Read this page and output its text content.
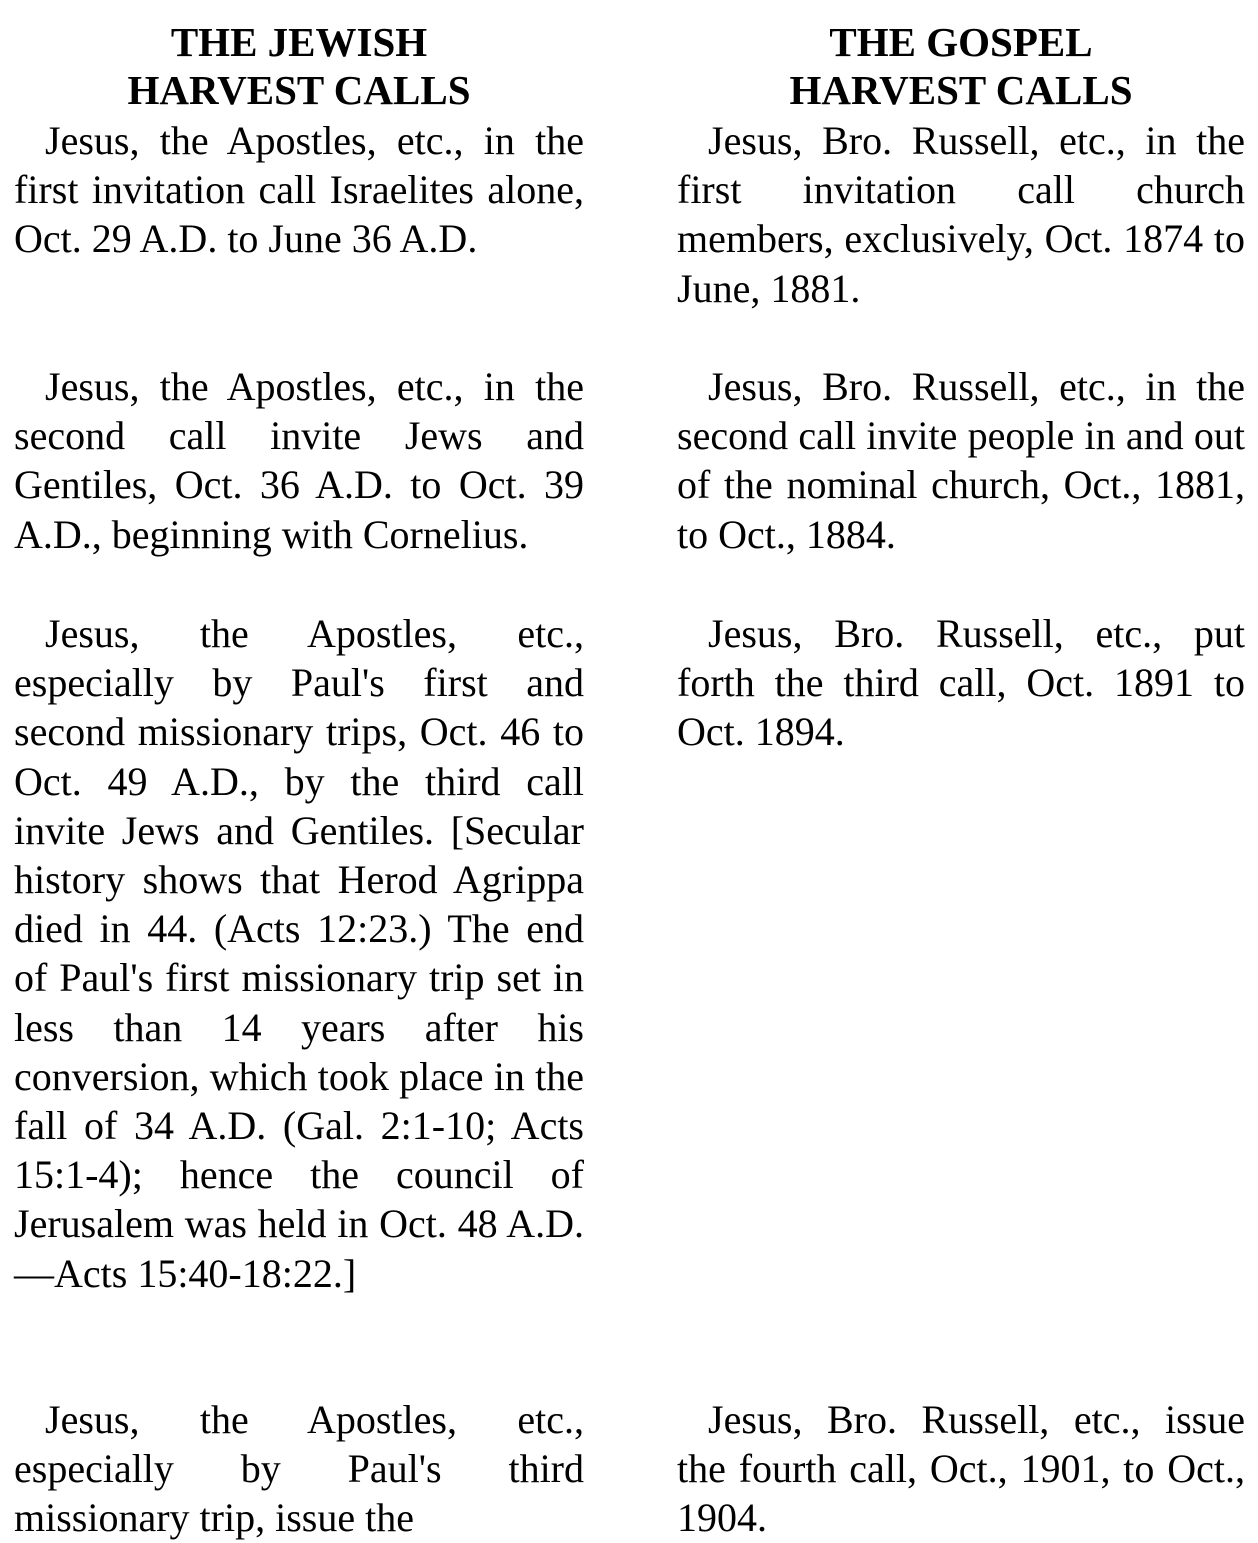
THE JEWISH
HARVEST CALLS

Jesus, the Apostles, etc., in the first invitation call Israelites alone, Oct. 29 A.D. to June 36 A.D.

Jesus, the Apostles, etc., in the second call invite Jews and Gentiles, Oct. 36 A.D. to Oct. 39 A.D., beginning with Cornelius.

Jesus, the Apostles, etc., especially by Paul's first and second missionary trips, Oct. 46 to Oct. 49 A.D., by the third call invite Jews and Gentiles. [Secular history shows that Herod Agrippa died in 44. (Acts 12:23.) The end of Paul's first missionary trip set in less than 14 years after his conversion, which took place in the fall of 34 A.D. (Gal. 2:1-10; Acts 15:1-4); hence the council of Jerusalem was held in Oct. 48 A.D.—Acts 15:40-18:22.]

Jesus, the Apostles, etc., especially by Paul's third missionary trip, issue the

THE GOSPEL
HARVEST CALLS

Jesus, Bro. Russell, etc., in the first invitation call church members, exclusively, Oct. 1874 to June, 1881.

Jesus, Bro. Russell, etc., in the second call invite people in and out of the nominal church, Oct., 1881, to Oct., 1884.

Jesus, Bro. Russell, etc., put forth the third call, Oct. 1891 to Oct. 1894.

Jesus, Bro. Russell, etc., issue the fourth call, Oct., 1901, to Oct., 1904.
